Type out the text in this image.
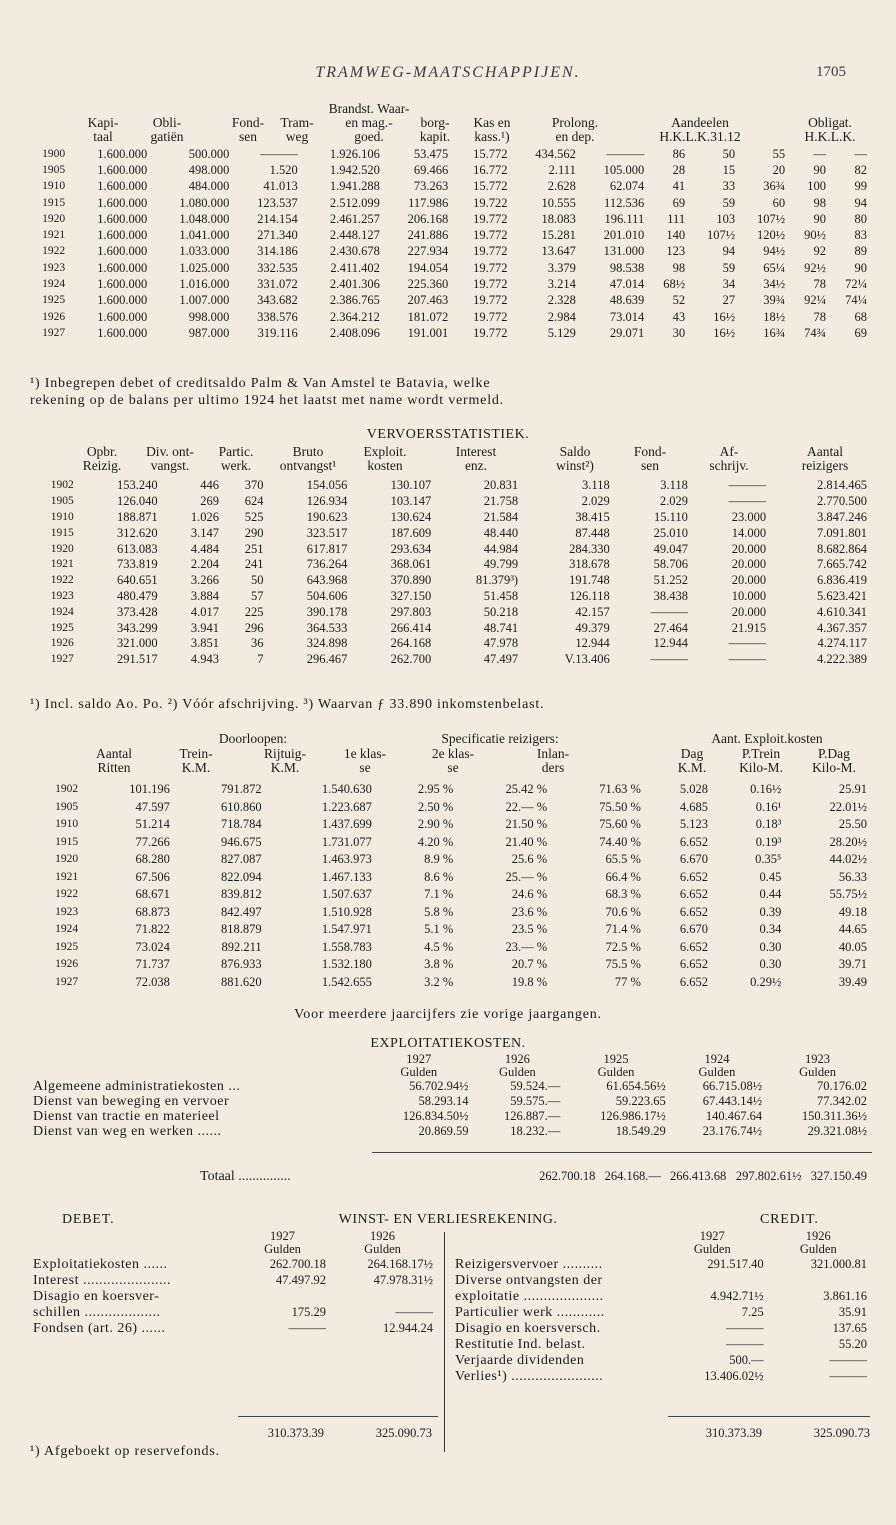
TRAMWEG-MAATSCHAPPIJEN.	1705
Kapi-
taal
Obli-
gatiën
Fond-
sen
Tram-
weg
Brandst. Waar-
en mag.-
goed.
borg-
kapit.
Kas en
kass.¹)
Prolong.
en dep.
Aandeelen
H.K.L.K.31.12
Obligat.
H.K.L.K.
1900	1.600.000	500.000	———	1.926.106	53.475	15.772	434.562	———	86	50	55	—	—
1905	1.600.000	498.000	1.520	1.942.520	69.466	16.772	2.111	105.000	28	15	20	90	82
1910	1.600.000	484.000	41.013	1.941.288	73.263	15.772	2.628	62.074	41	33	36¾	100	99
1915	1.600.000	1.080.000	123.537	2.512.099	117.986	19.722	10.555	112.536	69	59	60	98	94
1920	1.600.000	1.048.000	214.154	2.461.257	206.168	19.772	18.083	196.111	111	103	107½	90	80
1921	1.600.000	1.041.000	271.340	2.448.127	241.886	19.772	15.281	201.010	140	107½	120½	90½	83
1922	1.600.000	1.033.000	314.186	2.430.678	227.934	19.772	13.647	131.000	123	94	94½	92	89
1923	1.600.000	1.025.000	332.535	2.411.402	194.054	19.772	3.379	98.538	98	59	65¼	92½	90
1924	1.600.000	1.016.000	331.072	2.401.306	225.360	19.772	3.214	47.014	68½	34	34½	78	72¼
1925	1.600.000	1.007.000	343.682	2.386.765	207.463	19.772	2.328	48.639	52	27	39¾	92¼	74¼
1926	1.600.000	998.000	338.576	2.364.212	181.072	19.772	2.984	73.014	43	16½	18½	78	68
1927	1.600.000	987.000	319.116	2.408.096	191.001	19.772	5.129	29.071	30	16½	16¾	74¾	69
¹) Inbegrepen debet of creditsaldo Palm & Van Amstel te Batavia, welke
rekening op de balans per ultimo 1924 het laatst met name wordt vermeld.
VERVOERSSTATISTIEK.
Opbr.
Reizig.
Div. ont-
vangst.
Partic.
werk.
Bruto
ontvangst¹
Exploit.
kosten
Interest
enz.
Saldo
winst²)
Fond-
sen
Af-
schrijv.
Aantal
reizigers
1902	153.240	446	370	154.056	130.107	20.831	3.118	3.118	———	2.814.465
1905	126.040	269	624	126.934	103.147	21.758	2.029	2.029	———	2.770.500
1910	188.871	1.026	525	190.623	130.624	21.584	38.415	15.110	23.000	3.847.246
1915	312.620	3.147	290	323.517	187.609	48.440	87.448	25.010	14.000	7.091.801
1920	613.083	4.484	251	617.817	293.634	44.984	284.330	49.047	20.000	8.682.864
1921	733.819	2.204	241	736.264	368.061	49.799	318.678	58.706	20.000	7.665.742
1922	640.651	3.266	50	643.968	370.890	81.379³)	191.748	51.252	20.000	6.836.419
1923	480.479	3.884	57	504.606	327.150	51.458	126.118	38.438	10.000	5.623.421
1924	373.428	4.017	225	390.178	297.803	50.218	42.157	———	20.000	4.610.341
1925	343.299	3.941	296	364.533	266.414	48.741	49.379	27.464	21.915	4.367.357
1926	321.000	3.851	36	324.898	264.168	47.978	12.944	12.944	———	4.274.117
1927	291.517	4.943	7	296.467	262.700	47.497	V.13.406	———	———	4.222.389
¹) Incl. saldo Ao. Po. ²) Vóór afschrijving. ³) Waarvan ƒ 33.890 inkomstenbelast.
Doorloopen:	Specificatie reizigers:	Aant. Exploit.kosten
Aantal
Ritten
Trein-
K.M.
Rijtuig-
K.M.
1e klas-
se
2e klas-
se
Inlan-
ders
Dag
K.M.
P.Trein
Kilo-M.
P.Dag
Kilo-M.
1902	101.196	791.872	1.540.630	2.95 %	25.42 %	71.63 %	5.028	0.16½	25.91
1905	47.597	610.860	1.223.687	2.50 %	22.— %	75.50 %	4.685	0.16¹	22.01½
1910	51.214	718.784	1.437.699	2.90 %	21.50 %	75.60 %	5.123	0.18³	25.50
1915	77.266	946.675	1.731.077	4.20 %	21.40 %	74.40 %	6.652	0.19³	28.20½
1920	68.280	827.087	1.463.973	8.9 %	25.6 %	65.5 %	6.670	0.35⁵	44.02½
1921	67.506	822.094	1.467.133	8.6 %	25.— %	66.4 %	6.652	0.45	56.33
1922	68.671	839.812	1.507.637	7.1 %	24.6 %	68.3 %	6.652	0.44	55.75½
1923	68.873	842.497	1.510.928	5.8 %	23.6 %	70.6 %	6.652	0.39	49.18
1924	71.822	818.879	1.547.971	5.1 %	23.5 %	71.4 %	6.670	0.34	44.65
1925	73.024	892.211	1.558.783	4.5 %	23.— %	72.5 %	6.652	0.30	40.05
1926	71.737	876.933	1.532.180	3.8 %	20.7 %	75.5 %	6.652	0.30	39.71
1927	72.038	881.620	1.542.655	3.2 %	19.8 %	77 %	6.652	0.29½	39.49
Voor meerdere jaarcijfers zie vorige jaargangen.
EXPLOITATIEKOSTEN.
	1927	1926	1925	1924	1923
	Gulden	Gulden	Gulden	Gulden	Gulden
Algemeene administratiekosten ...	56.702.94½	59.524.—	61.654.56½	66.715.08½	70.176.02
Dienst van beweging en vervoer	58.293.14	59.575.—	59.223.65	67.443.14½	77.342.02
Dienst van tractie en materieel	126.834.50½	126.887.—	126.986.17½	140.467.64	150.311.36½
Dienst van weg en werken ......	20.869.59	18.232.—	18.549.29	23.176.74½	29.321.08½
Totaal ...............	262.700.18	264.168.—	266.413.68	297.802.61½	327.150.49
DEBET.	WINST- EN VERLIESREKENING.	CREDIT.
	1927	1926
	Gulden	Gulden
Exploitatiekosten ......	262.700.18	264.168.17½
Interest ......................	47.497.92	47.978.31½
Disagio en koersver-		
schillen ...................	175.29	———
Fondsen (art. 26) ......	———	12.944.24
	1927	1926
	Gulden	Gulden
Reizigersvervoer ..........	291.517.40	321.000.81
Diverse ontvangsten der		
exploitatie ....................	4.942.71½	3.861.16
Particulier werk ............	7.25	35.91
Disagio en koersversch.	———	137.65
Restitutie Ind. belast.	———	55.20
Verjaarde dividenden	500.—	———
Verlies¹) .......................	13.406.02½	———
310.373.39	325.090.73	310.373.39	325.090.73
¹) Afgeboekt op reservefonds.
